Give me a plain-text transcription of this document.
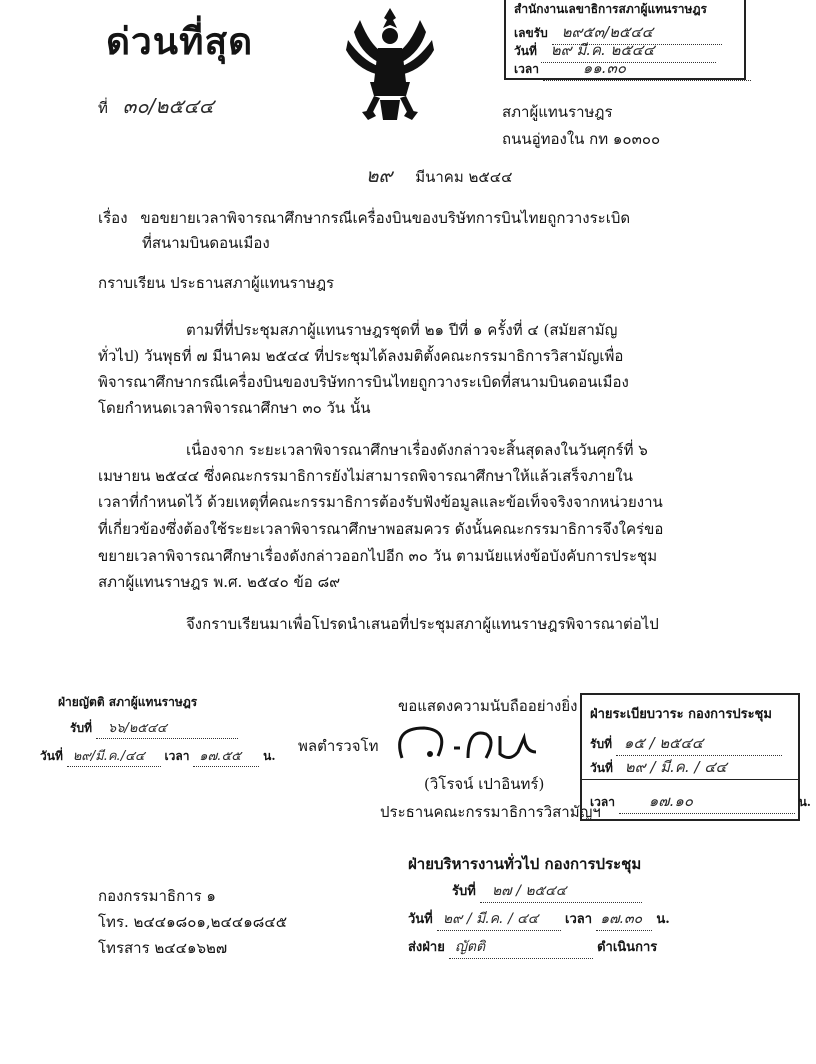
ด่วนที่สุด
ที่ ๓๐/๒๕๔๔	สภาผู้แทนราษฎร
ถนนอู่ทองใน กท ๑๐๓๐๐
๒๙ มีนาคม ๒๕๔๔
สำนักงานเลขาธิการสภาผู้แทนราษฎร
เลขรับ ๒๙๕๓/๒๕๔๔
วันที่ ๒๙ มี.ค. ๒๕๔๔
เวลา	๑๑.๓๐
เรื่อง ขอขยายเวลาพิจารณาศึกษากรณีเครื่องบินของบริษัทการบินไทยถูกวางระเบิด
ที่สนามบินดอนเมือง
กราบเรียน ประธานสภาผู้แทนราษฎร
ตามที่ที่ประชุมสภาผู้แทนราษฎรชุดที่ ๒๑ ปีที่ ๑ ครั้งที่ ๔ (สมัยสามัญ
ทั่วไป) วันพุธที่ ๗ มีนาคม ๒๕๔๔ ที่ประชุมได้ลงมติตั้งคณะกรรมาธิการวิสามัญเพื่อ
พิจารณาศึกษากรณีเครื่องบินของบริษัทการบินไทยถูกวางระเบิดที่สนามบินดอนเมือง
โดยกำหนดเวลาพิจารณาศึกษา ๓๐ วัน นั้น
เนื่องจาก ระยะเวลาพิจารณาศึกษาเรื่องดังกล่าวจะสิ้นสุดลงในวันศุกร์ที่ ๖
เมษายน ๒๕๔๔ ซึ่งคณะกรรมาธิการยังไม่สามารถพิจารณาศึกษาให้แล้วเสร็จภายใน
เวลาที่กำหนดไว้ ด้วยเหตุที่คณะกรรมาธิการต้องรับฟังข้อมูลและข้อเท็จจริงจากหน่วยงาน
ที่เกี่ยวข้องซึ่งต้องใช้ระยะเวลาพิจารณาศึกษาพอสมควร ดังนั้นคณะกรรมาธิการจึงใคร่ขอ
ขยายเวลาพิจารณาศึกษาเรื่องดังกล่าวออกไปอีก ๓๐ วัน ตามนัยแห่งข้อบังคับการประชุม
สภาผู้แทนราษฎร พ.ศ. ๒๕๔๐ ข้อ ๘๙
จึงกราบเรียนมาเพื่อโปรดนำเสนอที่ประชุมสภาผู้แทนราษฎรพิจารณาต่อไป
ฝ่ายญัตติ สภาผู้แทนราษฎร
รับที่ ๖๖/๒๕๔๔
วันที่ ๒๙/มี.ค./๔๔ เวลา ๑๗.๕๕ น.
ขอแสดงความนับถืออย่างยิ่ง
พลตำรวจโท
(วิโรจน์ เปาอินทร์)
ประธานคณะกรรมาธิการวิสามัญฯ
ฝ่ายระเบียบวาระ กองการประชุม
รับที่ ๑๕ / ๒๕๔๔
วันที่ ๒๙ / มี.ค. / ๔๔
เวลา ๑๗.๑๐	น.
ฝ่ายบริหารงานทั่วไป กองการประชุม
รับที่ ๒๗ / ๒๕๔๔
วันที่ ๒๙ / มี.ค. / ๔๔ เวลา ๑๗.๓๐ น.
ส่งฝ่าย ญัตติ	ดำเนินการ
กองกรรมาธิการ ๑
โทร. ๒๔๔๑๘๐๑,๒๔๔๑๘๔๕
โทรสาร ๒๔๔๑๖๒๗
